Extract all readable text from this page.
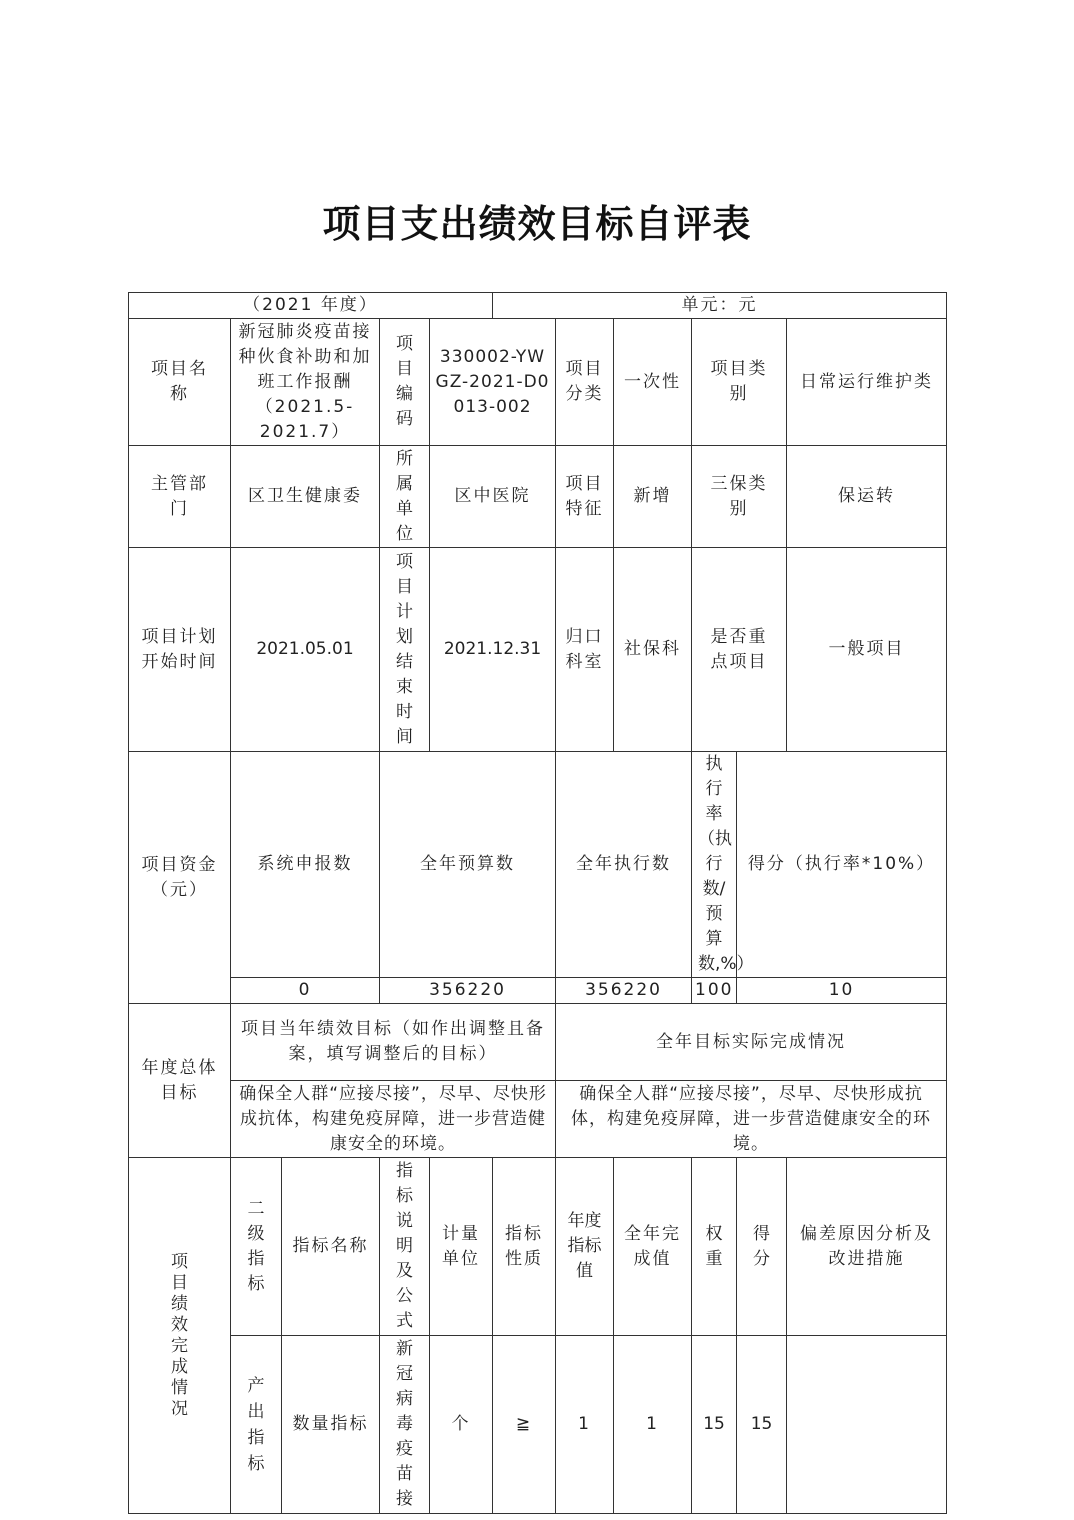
项目支出绩效目标自评表
（2021 年度）					单元：元					
项目名称	新冠肺炎疫苗接种伙食补助和加班工作报酬（2021.5-2021.7）		项目编码	330002-YWGZ-2021-D0013-002		项目分类	一次性	项目类别		日常运行维护类
主管部门	区卫生健康委		所属单位	区中医院		项目特征	新增	三保类别		保运转
项目计划开始时间	2021.05.01		项目计划结束时间	2021.12.31		归口科室	社保科	是否重点项目		一般项目
项目资金（元）	系统申报数		全年预算数			全年执行数		执行率（执行数/预算数,%）	得分（执行率*10%）	
	0		356220			356220		100	10	
年度总体目标	项目当年绩效目标（如作出调整且备案，填写调整后的目标）					全年目标实际完成情况				
	确保全人群“应接尽接”，尽早、尽快形成抗体，构建免疫屏障，进一步营造健康安全的环境。					确保全人群“应接尽接”，尽早、尽快形成抗体，构建免疫屏障，进一步营造健康安全的环境。				
项目绩效完成情况	二级指标	指标名称	指标说明及公式	计量单位	指标性质	年度指标值	全年完成值	权重	得分	偏差原因分析及改进措施
	产出指标	数量指标	新冠病毒疫苗接	个	≧	1	1	15	15	
